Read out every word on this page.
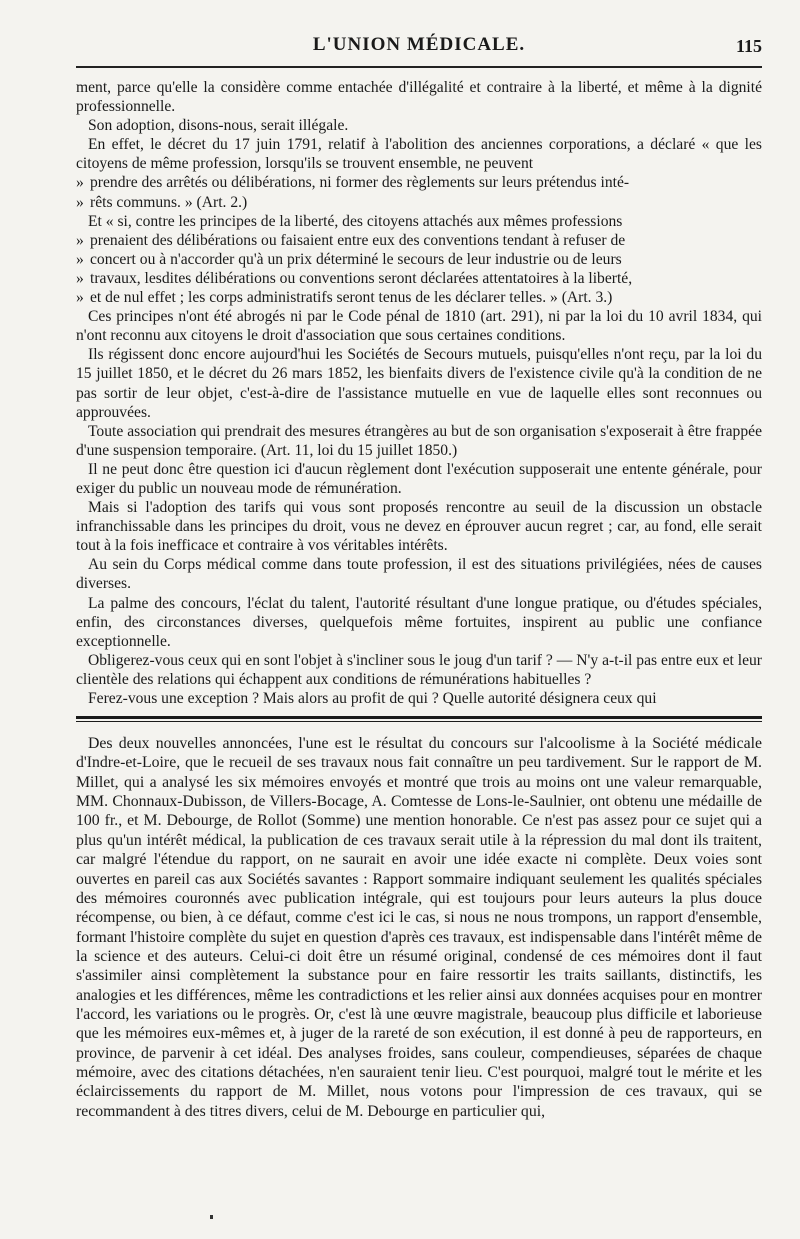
L'UNION MÉDICALE.	115

ment, parce qu'elle la considère comme entachée d'illégalité et contraire à la liberté, et même à la dignité professionnelle.

Son adoption, disons-nous, serait illégale.

En effet, le décret du 17 juin 1791, relatif à l'abolition des anciennes corporations, a déclaré « que les citoyens de même profession, lorsqu'ils se trouvent ensemble, ne peuvent

» prendre des arrêtés ou délibérations, ni former des règlements sur leurs prétendus inté-

» rêts communs. » (Art. 2.)

Et « si, contre les principes de la liberté, des citoyens attachés aux mêmes professions

» prenaient des délibérations ou faisaient entre eux des conventions tendant à refuser de

» concert ou à n'accorder qu'à un prix déterminé le secours de leur industrie ou de leurs

» travaux, lesdites délibérations ou conventions seront déclarées attentatoires à la liberté,

» et de nul effet ; les corps administratifs seront tenus de les déclarer telles. » (Art. 3.)

Ces principes n'ont été abrogés ni par le Code pénal de 1810 (art. 291), ni par la loi du 10 avril 1834, qui n'ont reconnu aux citoyens le droit d'association que sous certaines conditions.

Ils régissent donc encore aujourd'hui les Sociétés de Secours mutuels, puisqu'elles n'ont reçu, par la loi du 15 juillet 1850, et le décret du 26 mars 1852, les bienfaits divers de l'existence civile qu'à la condition de ne pas sortir de leur objet, c'est-à-dire de l'assistance mutuelle en vue de laquelle elles sont reconnues ou approuvées.

Toute association qui prendrait des mesures étrangères au but de son organisation s'exposerait à être frappée d'une suspension temporaire. (Art. 11, loi du 15 juillet 1850.)

Il ne peut donc être question ici d'aucun règlement dont l'exécution supposerait une entente générale, pour exiger du public un nouveau mode de rémunération.

Mais si l'adoption des tarifs qui vous sont proposés rencontre au seuil de la discussion un obstacle infranchissable dans les principes du droit, vous ne devez en éprouver aucun regret ; car, au fond, elle serait tout à la fois inefficace et contraire à vos véritables intérêts.

Au sein du Corps médical comme dans toute profession, il est des situations privilégiées, nées de causes diverses.

La palme des concours, l'éclat du talent, l'autorité résultant d'une longue pratique, ou d'études spéciales, enfin, des circonstances diverses, quelquefois même fortuites, inspirent au public une confiance exceptionnelle.

Obligerez-vous ceux qui en sont l'objet à s'incliner sous le joug d'un tarif ? — N'y a-t-il pas entre eux et leur clientèle des relations qui échappent aux conditions de rémunérations habituelles ?

Ferez-vous une exception ? Mais alors au profit de qui ? Quelle autorité désignera ceux qui

Des deux nouvelles annoncées, l'une est le résultat du concours sur l'alcoolisme à la Société médicale d'Indre-et-Loire, que le recueil de ses travaux nous fait connaître un peu tardivement. Sur le rapport de M. Millet, qui a analysé les six mémoires envoyés et montré que trois au moins ont une valeur remarquable, MM. Chonnaux-Dubisson, de Villers-Bocage, A. Comtesse de Lons-le-Saulnier, ont obtenu une médaille de 100 fr., et M. Debourge, de Rollot (Somme) une mention honorable. Ce n'est pas assez pour ce sujet qui a plus qu'un intérêt médical, la publication de ces travaux serait utile à la répression du mal dont ils traitent, car malgré l'étendue du rapport, on ne saurait en avoir une idée exacte ni complète. Deux voies sont ouvertes en pareil cas aux Sociétés savantes : Rapport sommaire indiquant seulement les qualités spéciales des mémoires couronnés avec publication intégrale, qui est toujours pour leurs auteurs la plus douce récompense, ou bien, à ce défaut, comme c'est ici le cas, si nous ne nous trompons, un rapport d'ensemble, formant l'histoire complète du sujet en question d'après ces travaux, est indispensable dans l'intérêt même de la science et des auteurs. Celui-ci doit être un résumé original, condensé de ces mémoires dont il faut s'assimiler ainsi complètement la substance pour en faire ressortir les traits saillants, distinctifs, les analogies et les différences, même les contradictions et les relier ainsi aux données acquises pour en montrer l'accord, les variations ou le progrès. Or, c'est là une œuvre magistrale, beaucoup plus difficile et laborieuse que les mémoires eux-mêmes et, à juger de la rareté de son exécution, il est donné à peu de rapporteurs, en province, de parvenir à cet idéal. Des analyses froides, sans couleur, compendieuses, séparées de chaque mémoire, avec des citations détachées, n'en sauraient tenir lieu. C'est pourquoi, malgré tout le mérite et les éclaircissements du rapport de M. Millet, nous votons pour l'impression de ces travaux, qui se recommandent à des titres divers, celui de M. Debourge en particulier qui,
